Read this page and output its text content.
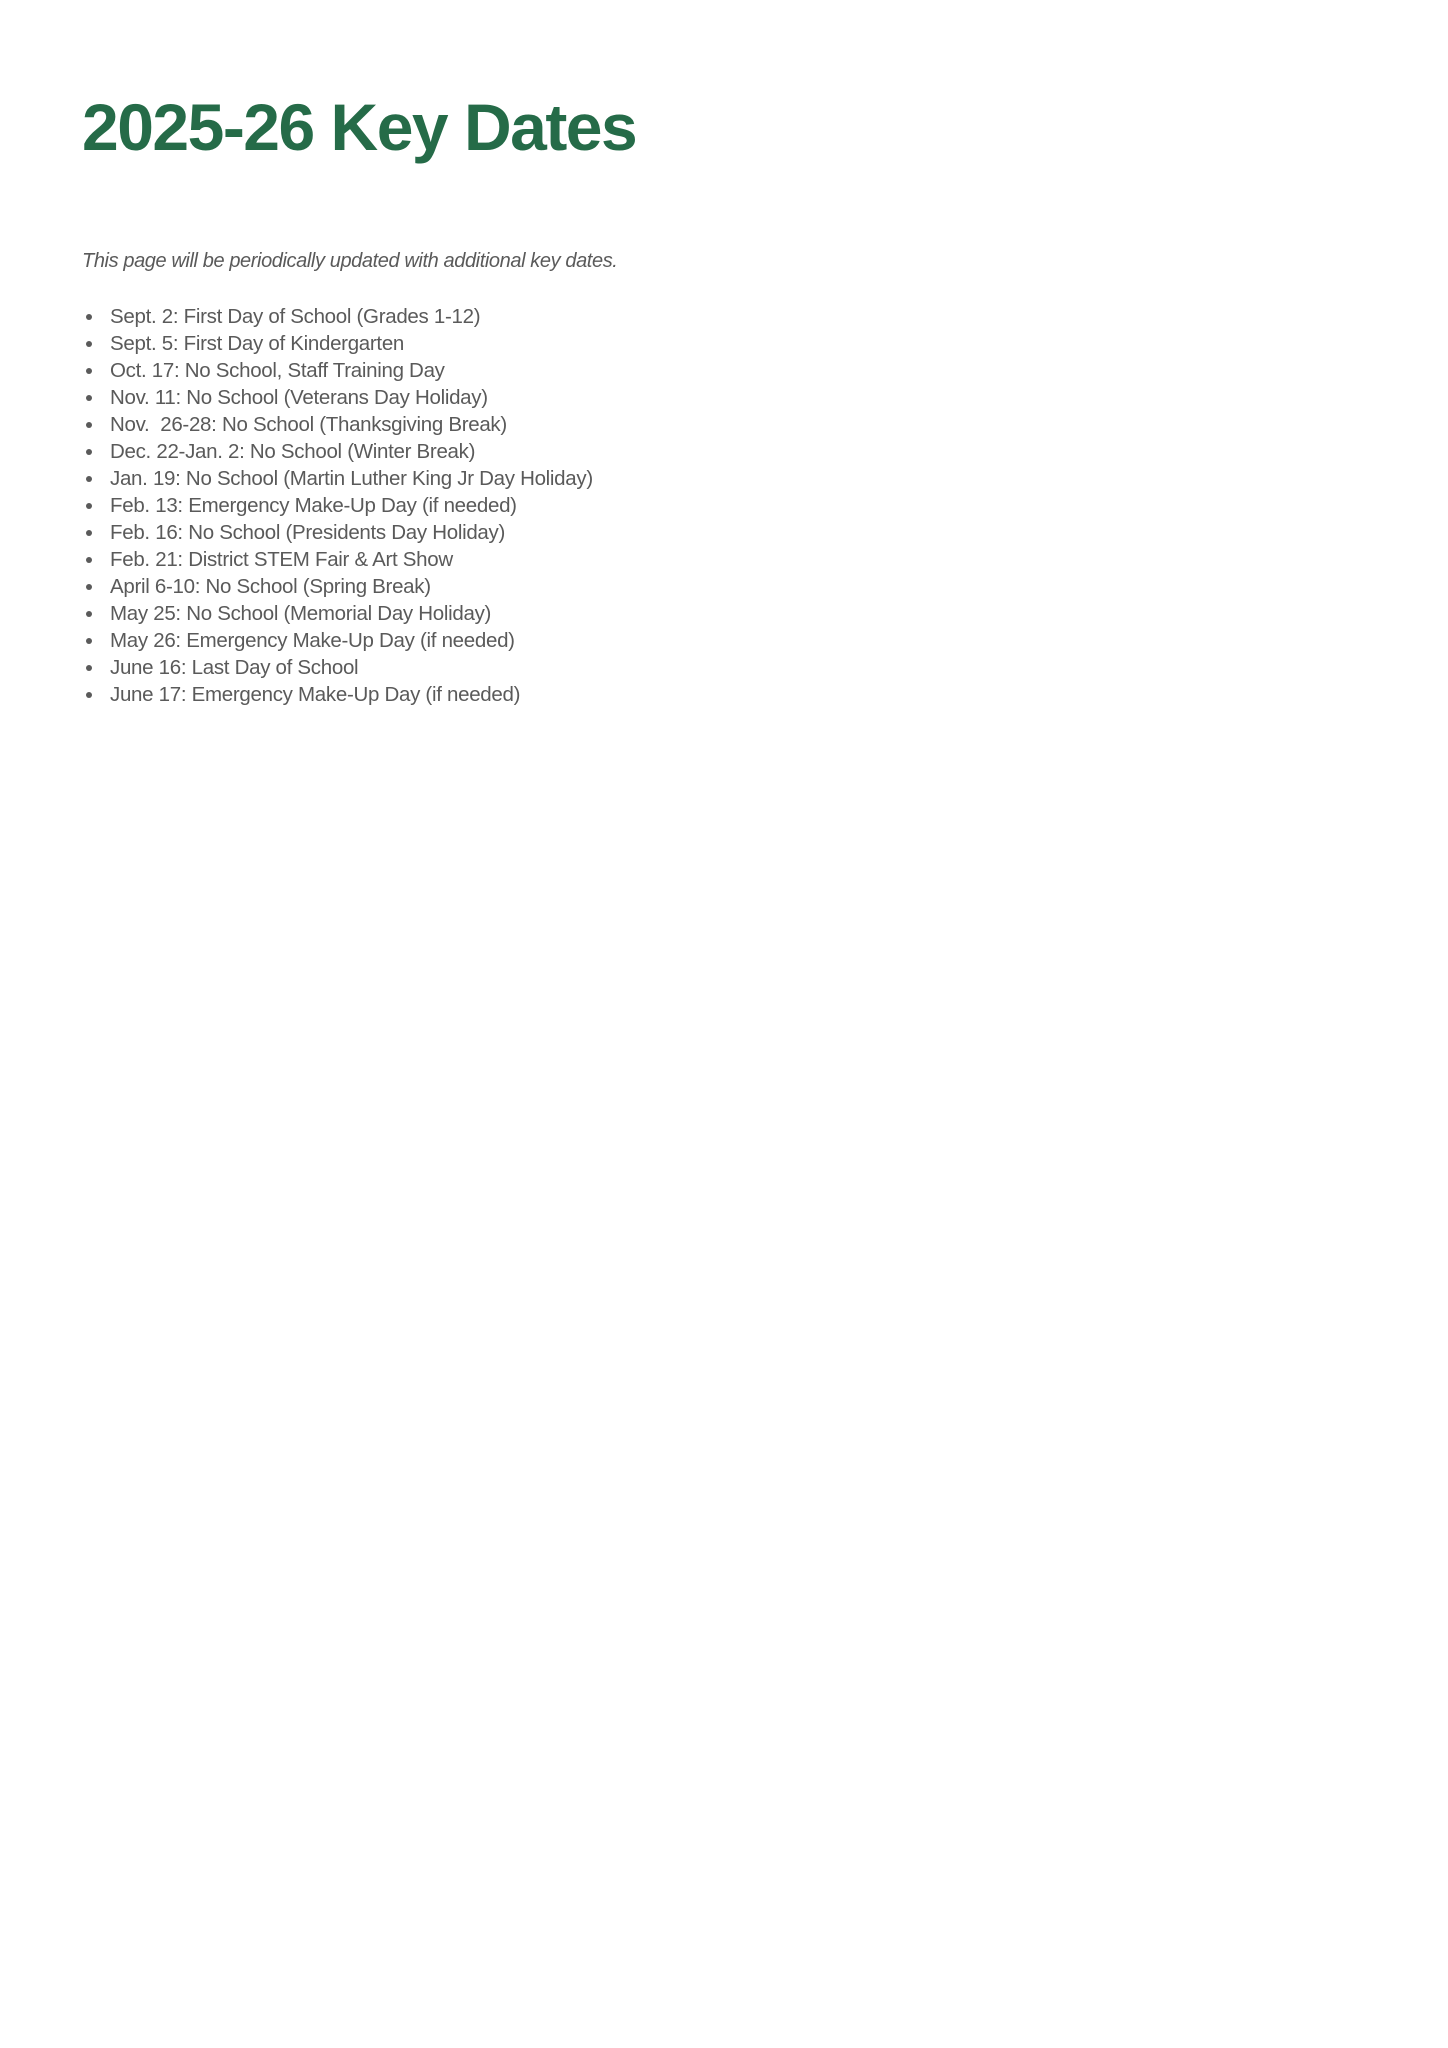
2025-26 Key Dates

This page will be periodically updated with additional key dates.

Sept. 2: First Day of School (Grades 1-12)
Sept. 5: First Day of Kindergarten
Oct. 17: No School, Staff Training Day
Nov. 11: No School (Veterans Day Holiday)
Nov.  26-28: No School (Thanksgiving Break)
Dec. 22-Jan. 2: No School (Winter Break)
Jan. 19: No School (Martin Luther King Jr Day Holiday)
Feb. 13: Emergency Make-Up Day (if needed)
Feb. 16: No School (Presidents Day Holiday)
Feb. 21: District STEM Fair & Art Show
April 6-10: No School (Spring Break)
May 25: No School (Memorial Day Holiday)
May 26: Emergency Make-Up Day (if needed)
June 16: Last Day of School
June 17: Emergency Make-Up Day (if needed)
